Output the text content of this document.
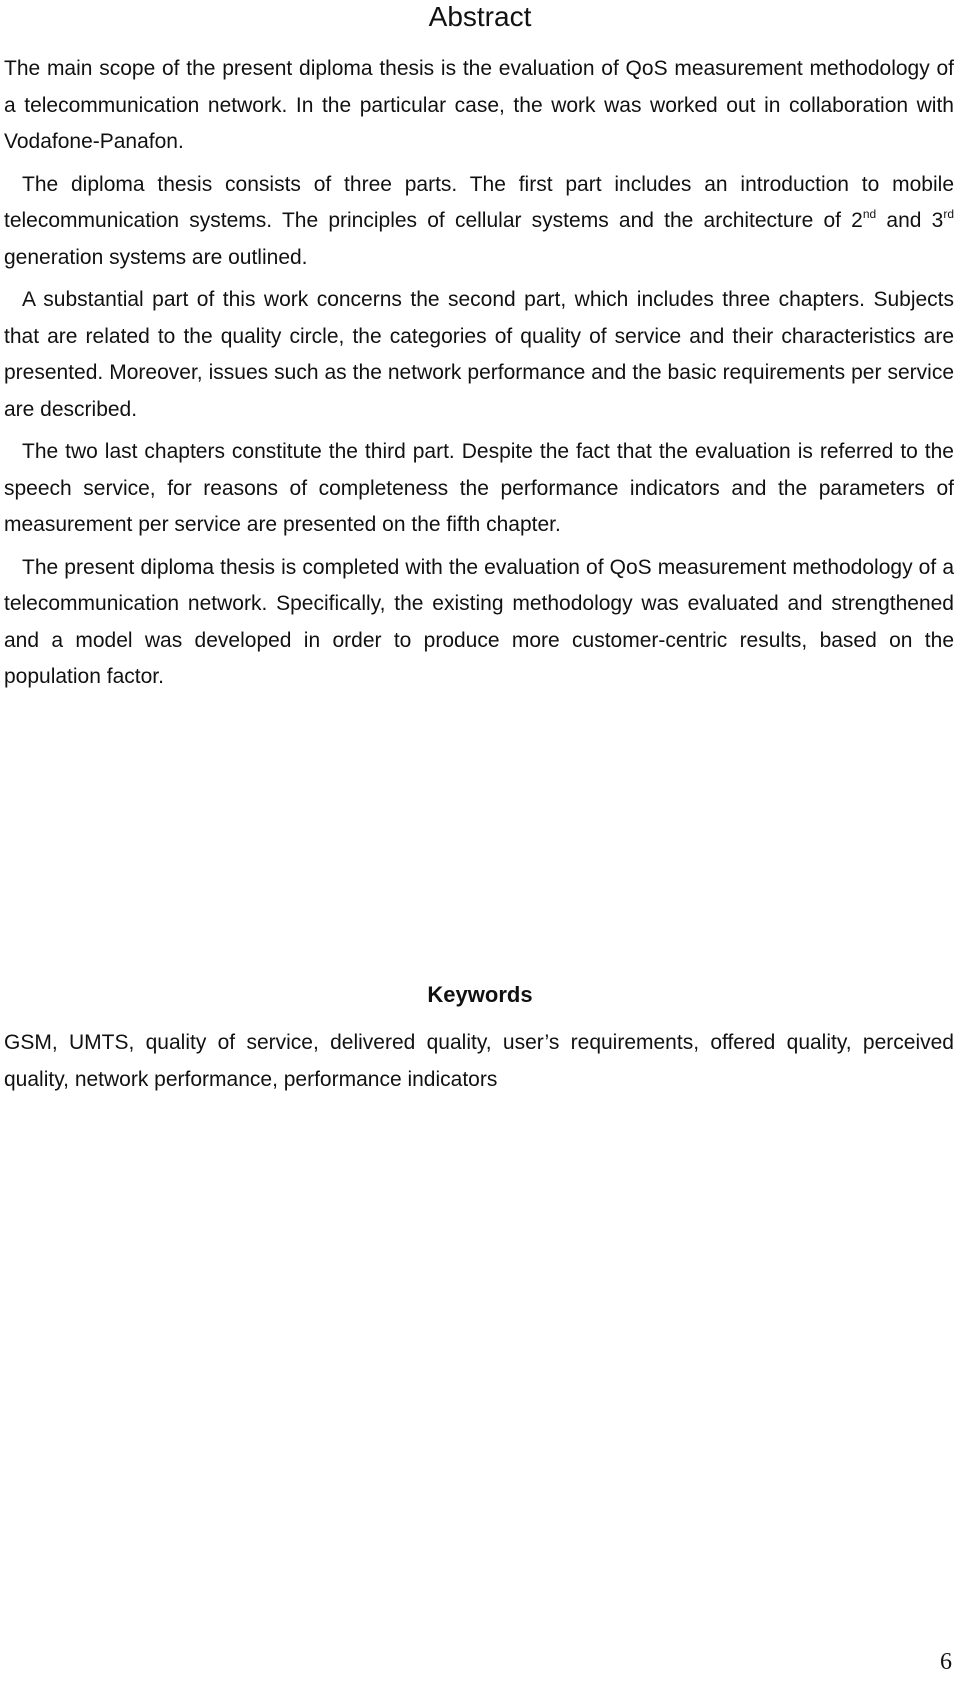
Abstract

The main scope of the present diploma thesis is the evaluation of QoS measurement methodology of a telecommunication network. In the particular case, the work was worked out in collaboration with Vodafone-Panafon.

The diploma thesis consists of three parts. The first part includes an introduction to mobile telecommunication systems. The principles of cellular systems and the architecture of 2nd and 3rd generation systems are outlined.

A substantial part of this work concerns the second part, which includes three chapters. Subjects that are related to the quality circle, the categories of quality of service and their characteristics are presented. Moreover, issues such as the network performance and the basic requirements per service are described.

The two last chapters constitute the third part. Despite the fact that the evaluation is referred to the speech service, for reasons of completeness the performance indicators and the parameters of measurement per service are presented on the fifth chapter.

The present diploma thesis is completed with the evaluation of QoS measurement methodology of a telecommunication network. Specifically, the existing methodology was evaluated and strengthened and a model was developed in order to produce more customer-centric results, based on the population factor.

Keywords

GSM, UMTS, quality of service, delivered quality, user’s requirements, offered quality, perceived quality, network performance, performance indicators

6
